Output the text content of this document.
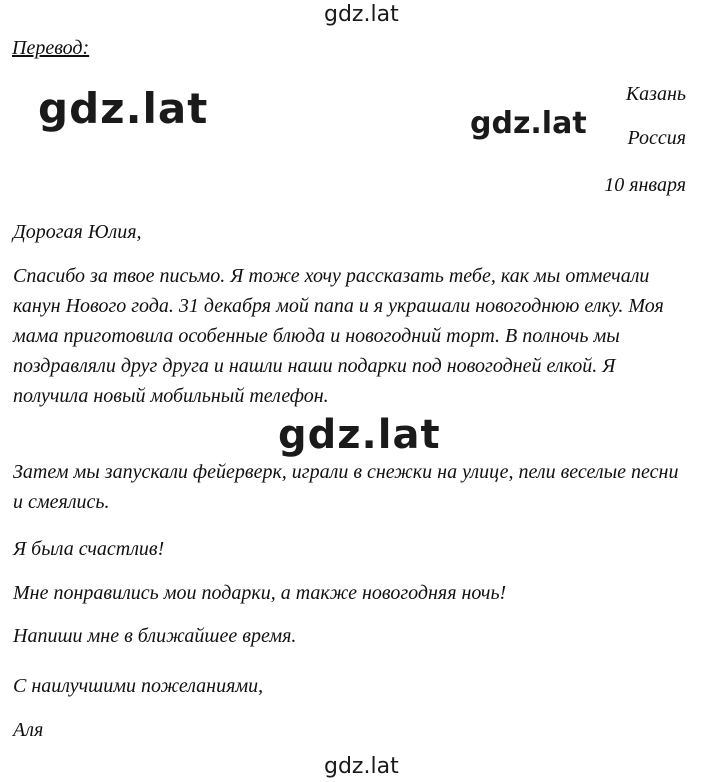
gdz.lat
Перевод:
gdz.lat	gdz.lat
Казань
Россия
10 января

Дорогая Юлия,

Спасибо за твое письмо. Я тоже хочу рассказать тебе, как мы отмечали канун Нового года. 31 декабря мой папа и я украшали новогоднюю елку. Моя мама приготовила особенные блюда и новогодний торт. В полночь мы поздравляли друг друга и нашли наши подарки под новогодней елкой. Я получила новый мобильный телефон.

gdz.lat

Затем мы запускали фейерверк, играли в снежки на улице, пели веселые песни и смеялись.

Я была счастлив!

Мне понравились мои подарки, а также новогодняя ночь!

Напиши мне в ближайшее время.

С наилучшими пожеланиями,

Аля

gdz.lat
